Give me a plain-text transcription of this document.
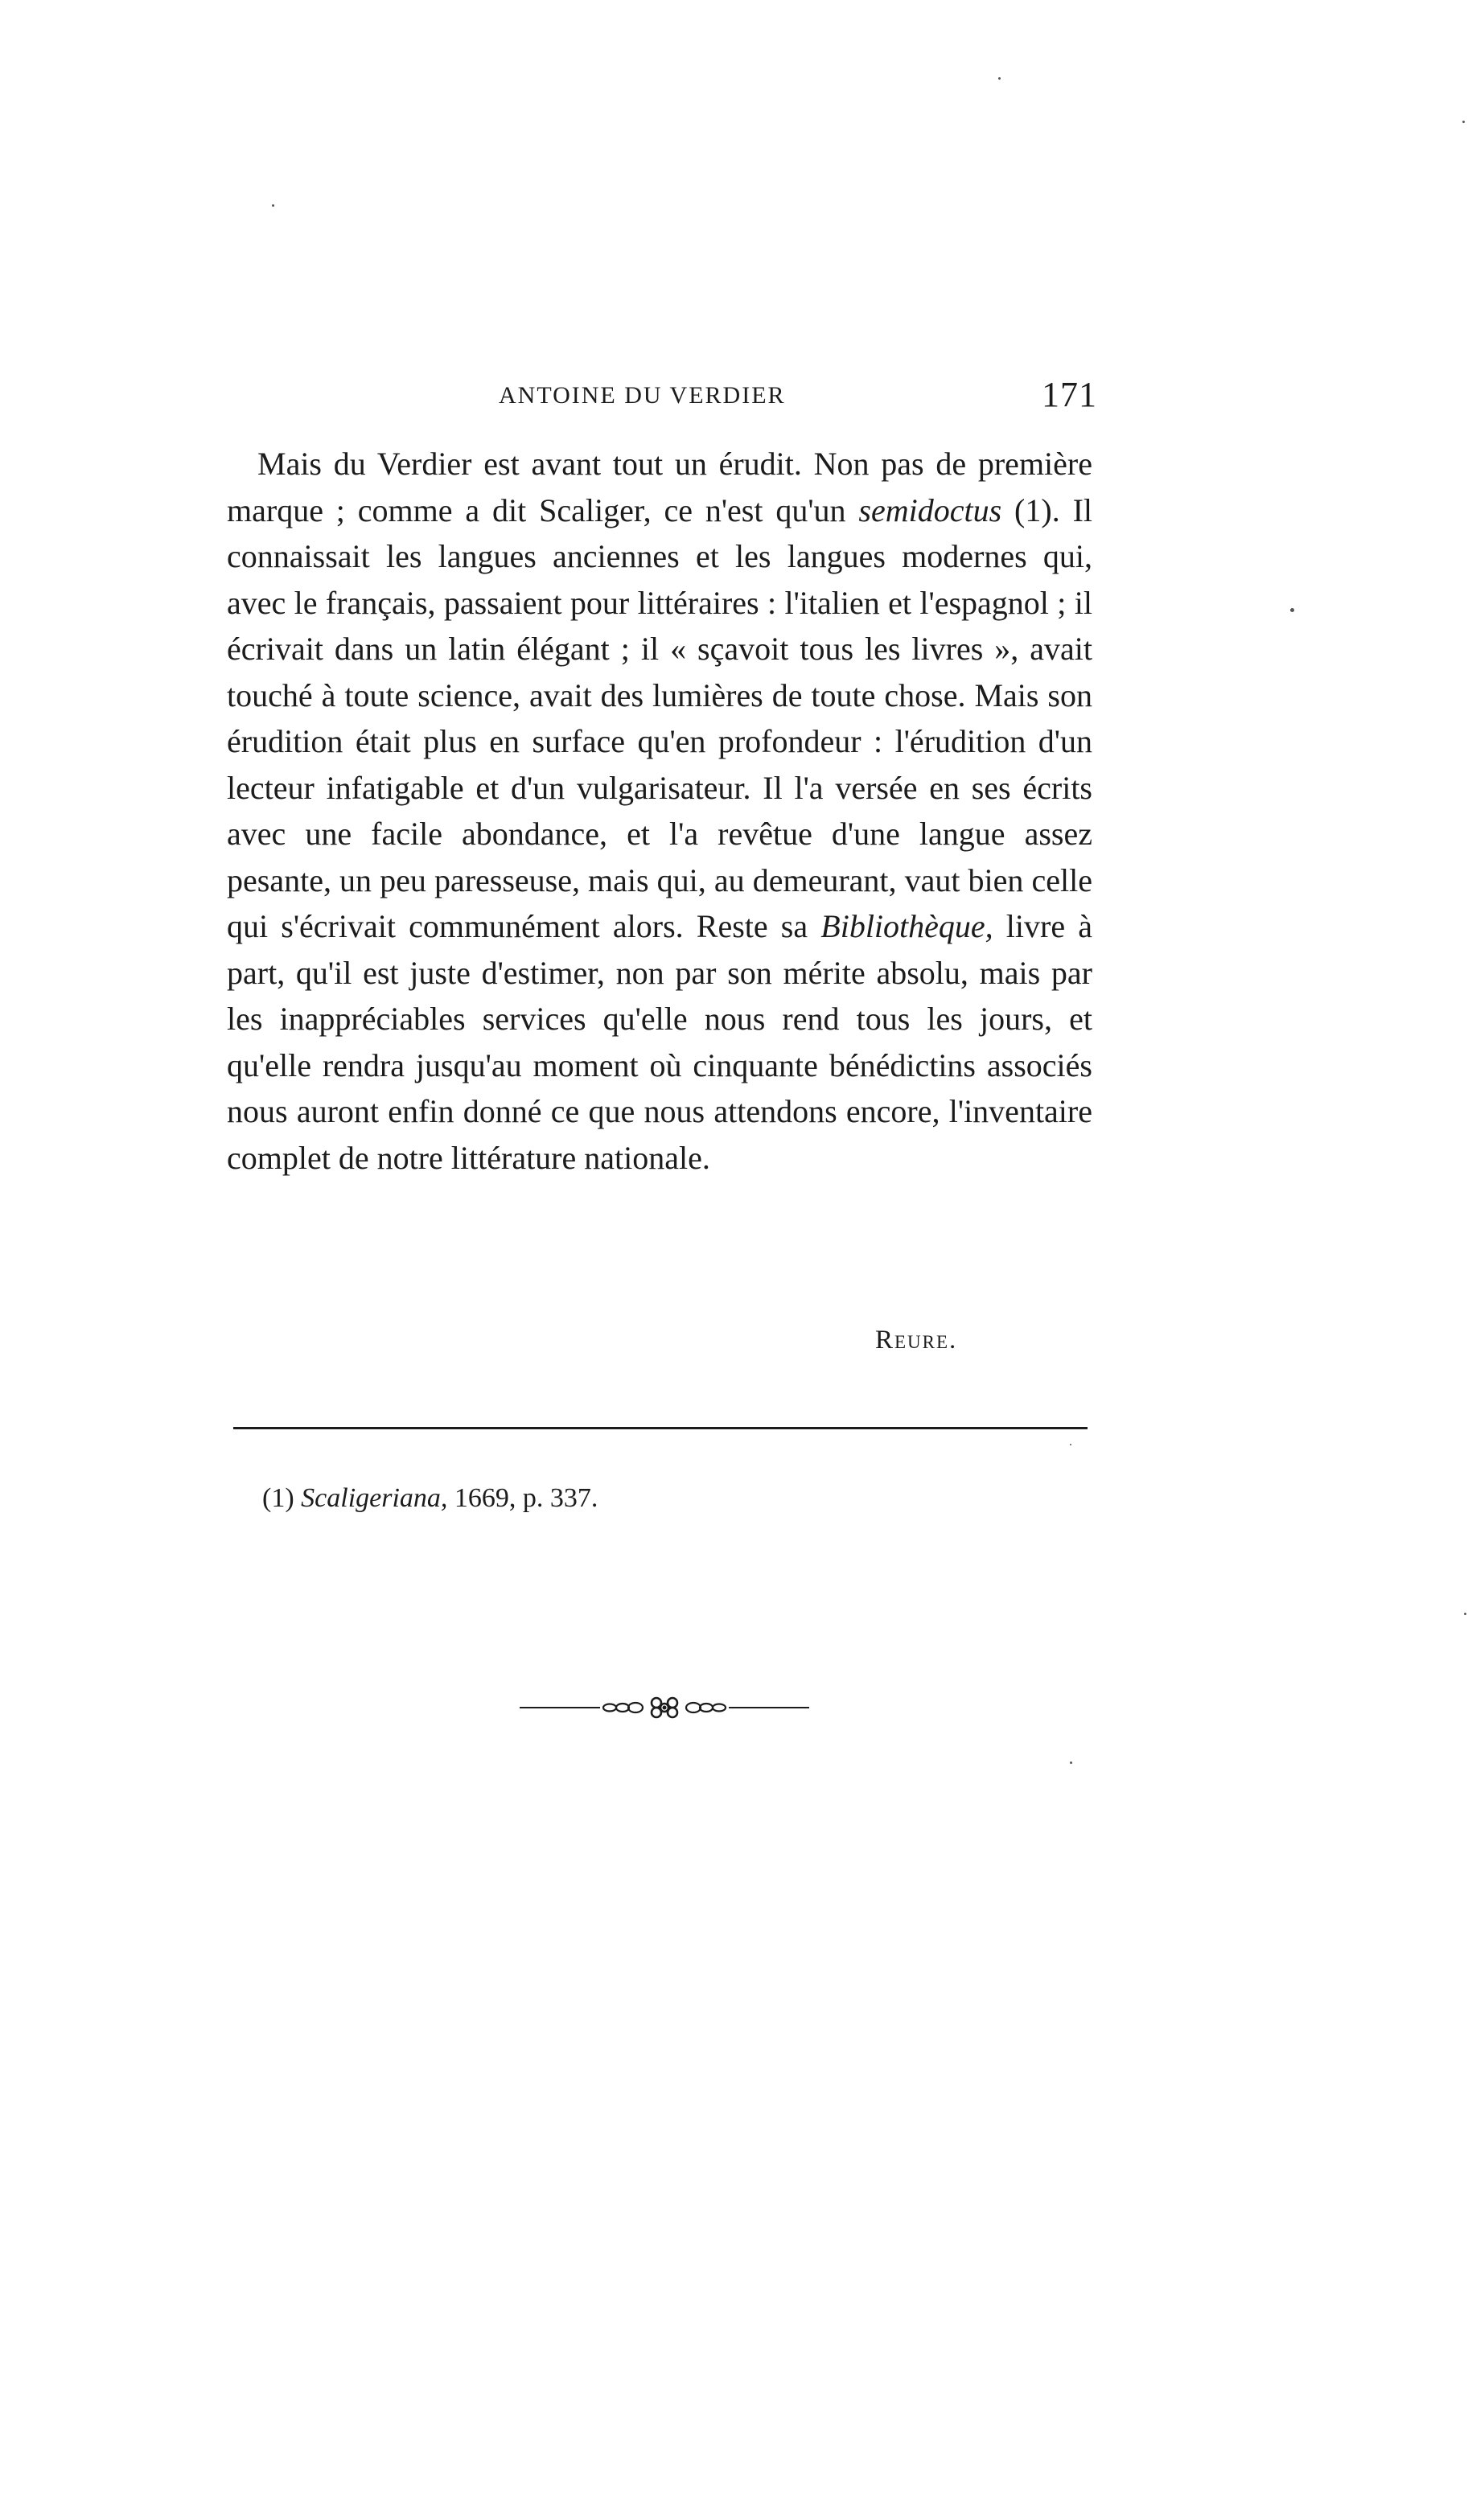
ANTOINE DU VERDIER	171

Mais du Verdier est avant tout un érudit. Non pas de première marque ; comme a dit Scaliger, ce n'est qu'un semidoctus (1). Il connaissait les langues anciennes et les langues modernes qui, avec le français, passaient pour littéraires : l'italien et l'espagnol ; il écrivait dans un latin élégant ; il « sçavoit tous les livres », avait touché à toute science, avait des lumières de toute chose. Mais son érudition était plus en surface qu'en profondeur : l'érudition d'un lecteur infatigable et d'un vulgarisateur. Il l'a versée en ses écrits avec une facile abondance, et l'a revêtue d'une langue assez pesante, un peu paresseuse, mais qui, au demeurant, vaut bien celle qui s'écrivait communément alors. Reste sa Bibliothèque, livre à part, qu'il est juste d'estimer, non par son mérite absolu, mais par les inappréciables services qu'elle nous rend tous les jours, et qu'elle rendra jusqu'au moment où cinquante bénédictins associés nous auront enfin donné ce que nous attendons encore, l'inventaire complet de notre littérature nationale.

Reure.
(1) Scaligeriana, 1669, p. 337.
